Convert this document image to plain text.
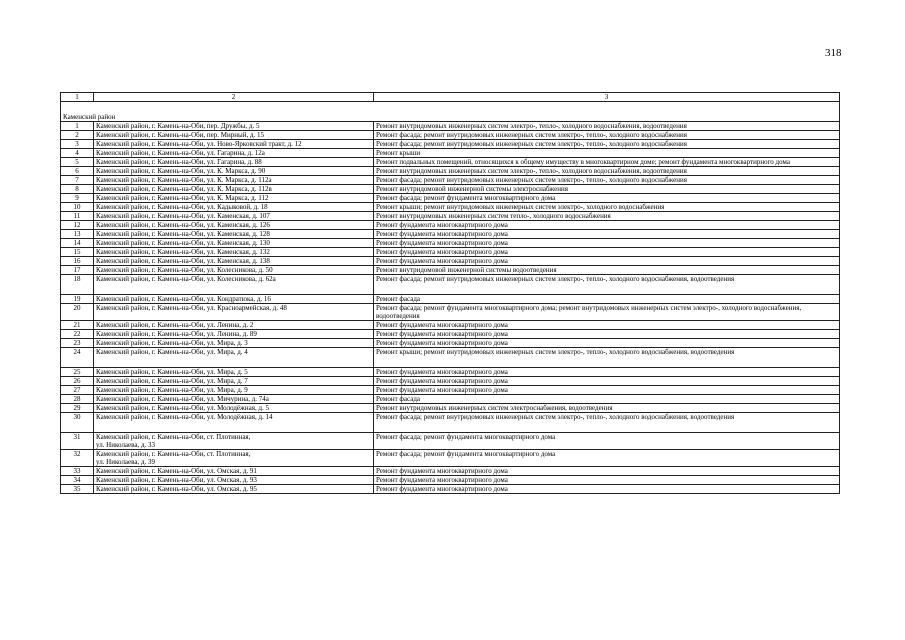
318
1	2	3
Каменский район		
1	Каменский район, г. Камень-на-Оби, пер. Дружбы, д. 5	Ремонт внутридомовых инженерных систем электро-, тепло-, холодного водоснабжения, водоотведения
2	Каменский район, г. Камень-на-Оби, пер. Мирный, д. 15	Ремонт фасада; ремонт внутридомовых инженерных систем электро-, тепло-, холодного водоснабжения
3	Каменский район, г. Камень-на-Оби, ул. Ново-Ярковский тракт, д. 12	Ремонт фасада; ремонт внутридомовых инженерных систем электро-, тепло-, холодного водоснабжения
4	Каменский район, г. Камень-на-Оби, ул. Гагарина, д. 12а	Ремонт крыши
5	Каменский район, г. Камень-на-Оби, ул. Гагарина, д. 88	Ремонт подвальных помещений, относящихся к общему имуществу в многоквартирном доме; ремонт фундамента многоквартирного дома
6	Каменский район, г. Камень-на-Оби, ул. К. Маркса, д. 90	Ремонт внутридомовых инженерных систем электро-, тепло-, холодного водоснабжения, водоотведения
7	Каменский район, г. Камень-на-Оби, ул. К. Маркса, д. 112а	Ремонт фасада; ремонт внутридомовых инженерных систем электро-, тепло-, холодного водоснабжения
8	Каменский район, г. Камень-на-Оби, ул. К. Маркса, д. 112в	Ремонт внутридомовой инженерной системы электроснабжения
9	Каменский район, г. Камень-на-Оби, ул. К. Маркса, д. 112	Ремонт фасада; ремонт фундамента многоквартирного дома
10	Каменский район, г. Камень-на-Оби, ул. Кадыковой, д. 18	Ремонт крыши; ремонт внутридомовых инженерных систем электро-, холодного водоснабжения
11	Каменский район, г. Камень-на-Оби, ул. Каменская, д. 107	Ремонт внутридомовых инженерных систем тепло-, холодного водоснабжения
12	Каменский район, г. Камень-на-Оби, ул. Каменская, д. 126	Ремонт фундамента многоквартирного дома
13	Каменский район, г. Камень-на-Оби, ул. Каменская, д. 128	Ремонт фундамента многоквартирного дома
14	Каменский район, г. Камень-на-Оби, ул. Каменская, д. 130	Ремонт фундамента многоквартирного дома
15	Каменский район, г. Камень-на-Оби, ул. Каменская, д. 132	Ремонт фундамента многоквартирного дома
16	Каменский район, г. Камень-на-Оби, ул. Каменская, д. 138	Ремонт фундамента многоквартирного дома
17	Каменский район, г. Камень-на-Оби, ул. Колесникова, д. 50	Ремонт внутридомовой инженерной системы водоотведения
18	Каменский район, г. Камень-на-Оби, ул. Колесникова, д. 62а	Ремонт фасада; ремонт внутридомовых инженерных систем электро-, тепло-, холодного водоснабжения, водоотведения
19	Каменский район, г. Камень-на-Оби, ул. Кондратюка, д. 16	Ремонт фасада
20	Каменский район, г. Камень-на-Оби, ул. Красноармейская, д. 48	Ремонт фасада; ремонт фундамента многоквартирного дома; ремонт внутридомовых инженерных систем электро-, холодного водоснабжения, водоотведения
21	Каменский район, г. Камень-на-Оби, ул. Ленина, д. 2	Ремонт фундамента многоквартирного дома
22	Каменский район, г. Камень-на-Оби, ул. Ленина, д. 89	Ремонт фундамента многоквартирного дома
23	Каменский район, г. Камень-на-Оби, ул. Мира, д. 3	Ремонт фундамента многоквартирного дома
24	Каменский район, г. Камень-на-Оби, ул. Мира, д. 4	Ремонт крыши; ремонт внутридомовых инженерных систем электро-, тепло-, холодного водоснабжения, водоотведения
25	Каменский район, г. Камень-на-Оби, ул. Мира, д. 5	Ремонт фундамента многоквартирного дома
26	Каменский район, г. Камень-на-Оби, ул. Мира, д. 7	Ремонт фундамента многоквартирного дома
27	Каменский район, г. Камень-на-Оби, ул. Мира, д. 9	Ремонт фундамента многоквартирного дома
28	Каменский район, г. Камень-на-Оби, ул. Мичурина, д. 74а	Ремонт фасада
29	Каменский район, г. Камень-на-Оби, ул. Молодёжная, д. 5	Ремонт внутридомовых инженерных систем электроснабжения, водоотведения
30	Каменский район, г. Камень-на-Оби, ул. Молодёжная, д. 14	Ремонт фасада; ремонт внутридомовых инженерных систем электро-, тепло-, холодного водоснабжения, водоотведения
31	Каменский район, г. Камень-на-Оби, ст. Плотинная,
ул. Николаева, д. 33	Ремонт фасада; ремонт фундамента многоквартирного дома
32	Каменский район, г. Камень-на-Оби, ст. Плотинная,
ул. Николаева, д. 39	Ремонт фасада; ремонт фундамента многоквартирного дома
33	Каменский район, г. Камень-на-Оби, ул. Омская, д. 91	Ремонт фундамента многоквартирного дома
34	Каменский район, г. Камень-на-Оби, ул. Омская, д. 93	Ремонт фундамента многоквартирного дома
35	Каменский район, г. Камень-на-Оби, ул. Омская, д. 95	Ремонт фундамента многоквартирного дома
